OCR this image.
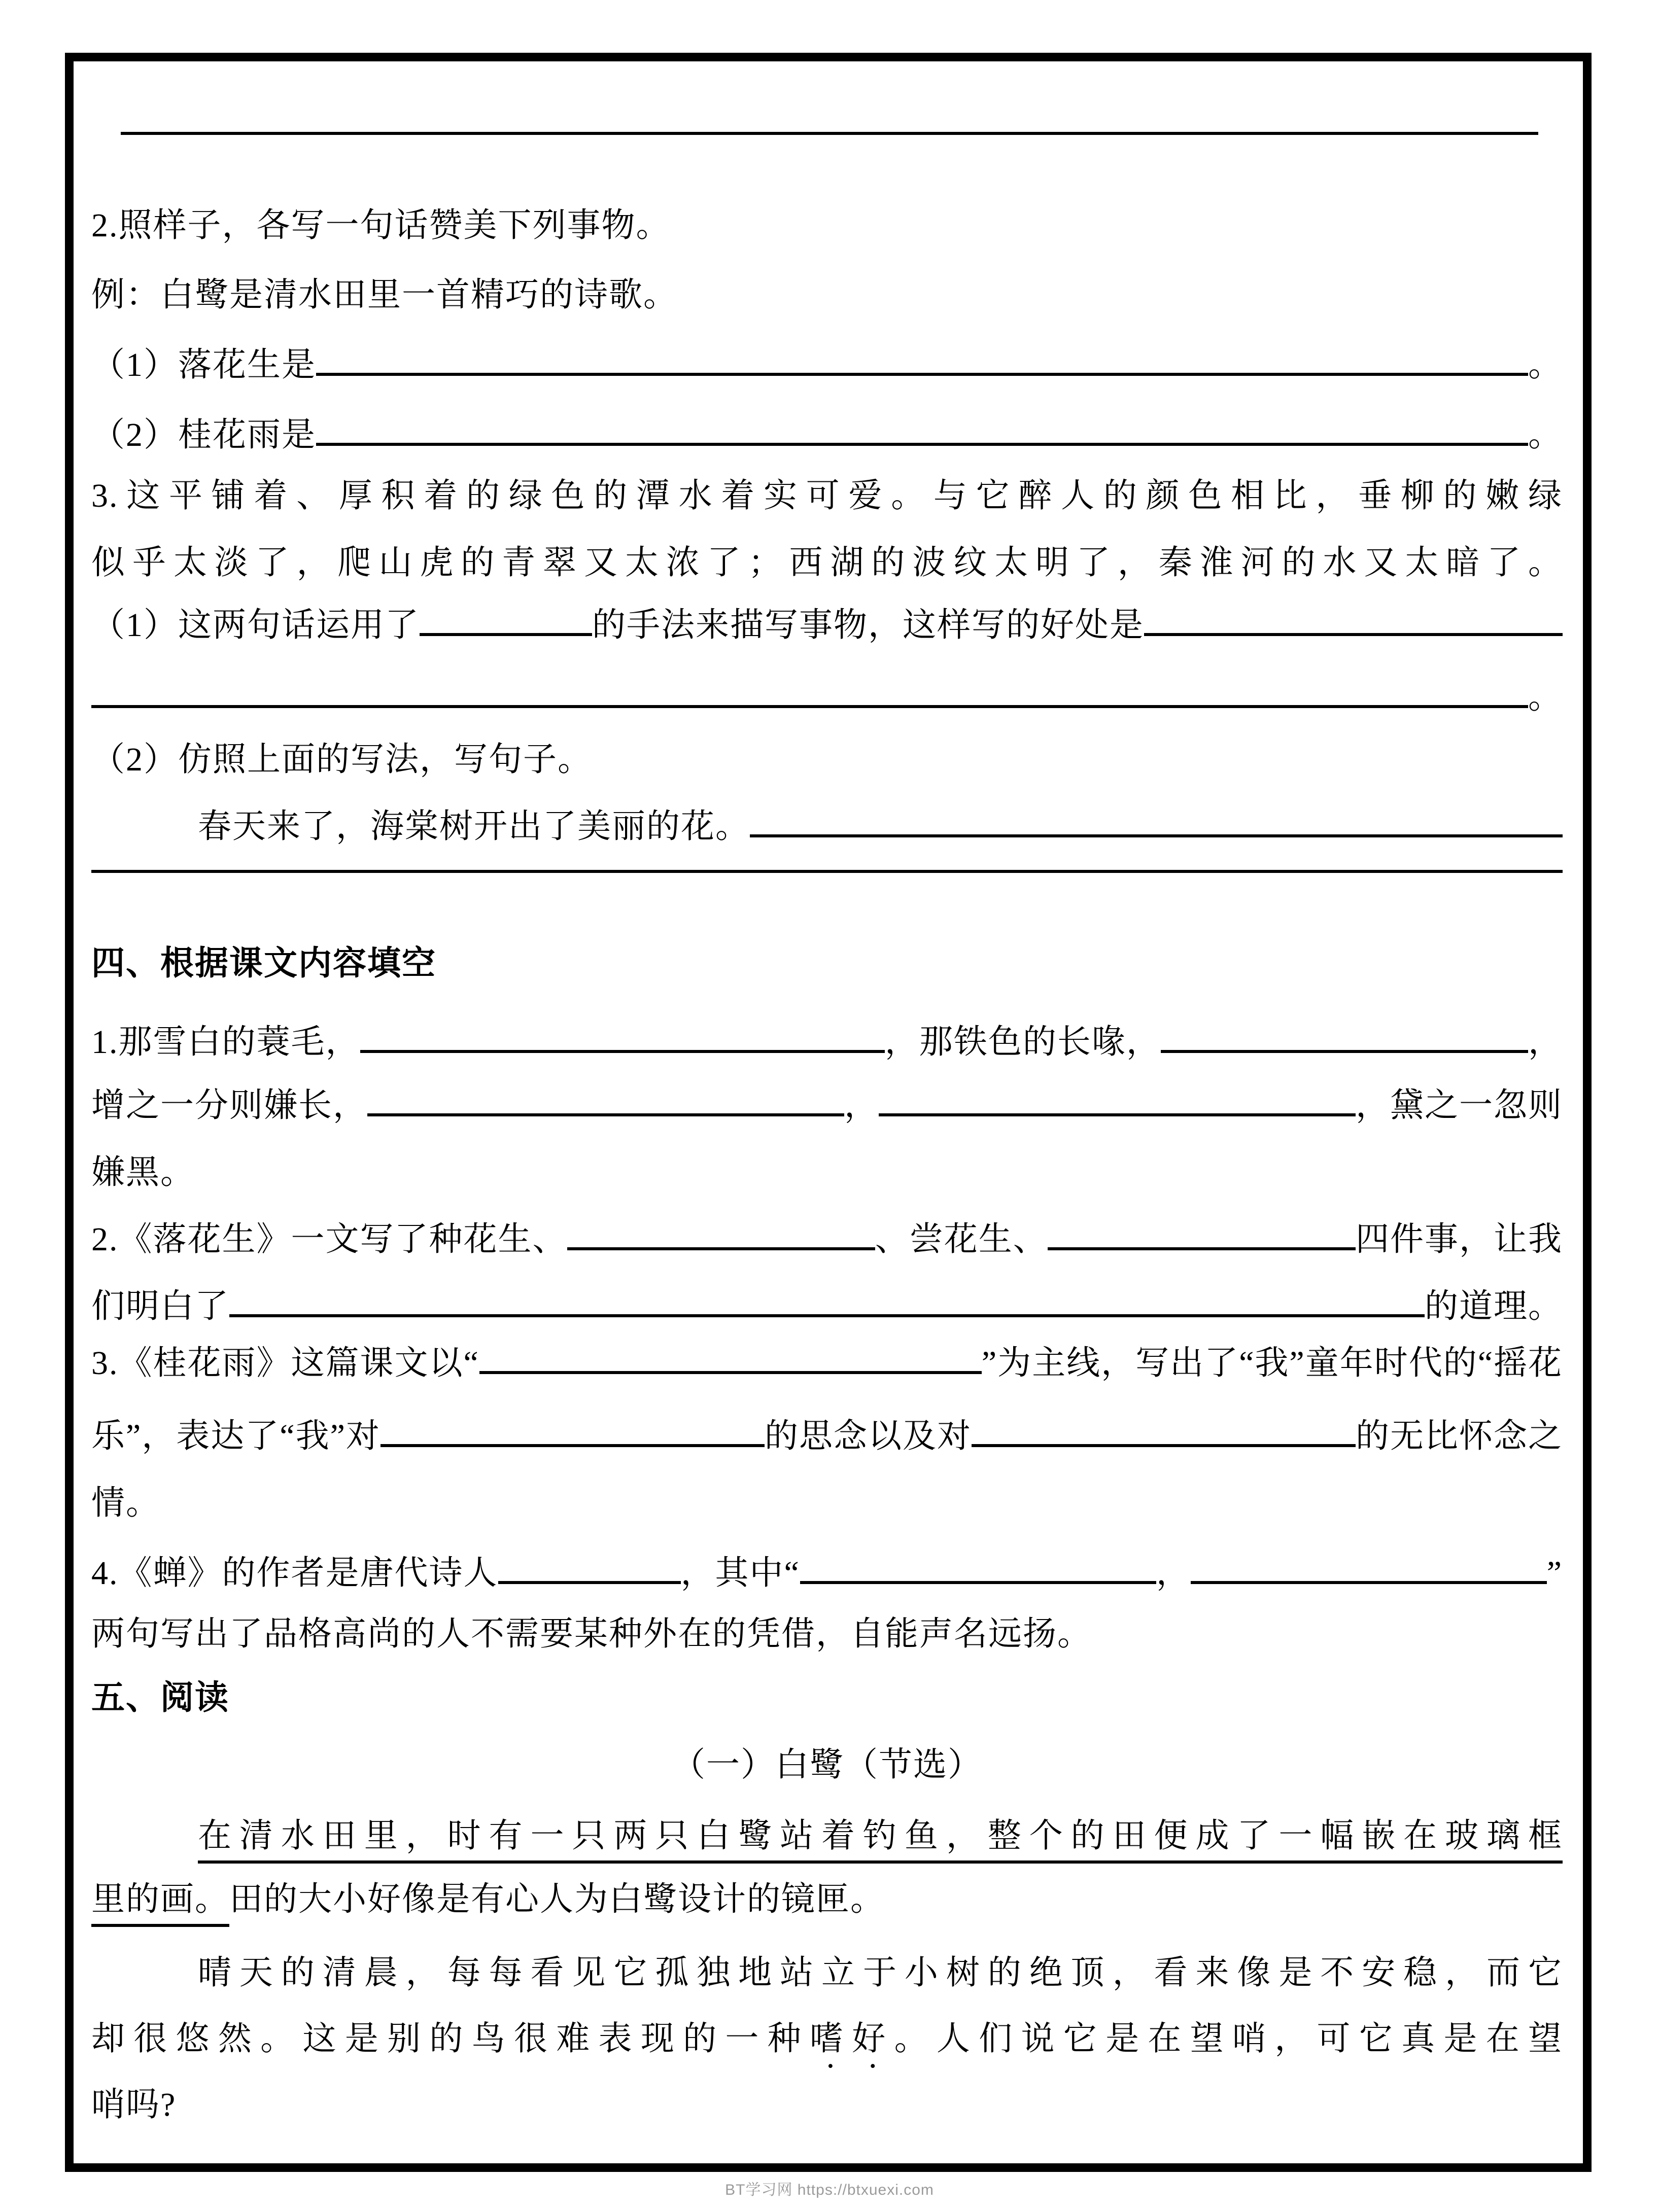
2.照样子，各写一句话赞美下列事物。
例：白鹭是清水田里一首精巧的诗歌。
（1）落花生是	。
（2）桂花雨是	。
3.这平铺着、厚积着的绿色的潭水着实可爱。与它醉人的颜色相比，垂柳的嫩绿
似乎太淡了，爬山虎的青翠又太浓了；西湖的波纹太明了，秦淮河的水又太暗了。
（1）这两句话运用了	的手法来描写事物，这样写的好处是
。
（2）仿照上面的写法，写句子。
春天来了，海棠树开出了美丽的花。
四、根据课文内容填空
1.那雪白的蓑毛，	，那铁色的长喙，	，
增之一分则嫌长，	，	，黛之一忽则
嫌黑。
2.《落花生》一文写了种花生、	、尝花生、	四件事，让我
们明白了	的道理。
3.《桂花雨》这篇课文以“	”为主线，写出了“我”童年时代的“摇花
乐”，表达了“我”对	的思念以及对	的无比怀念之
情。
4.《蝉》的作者是唐代诗人	，其中“	，	”
两句写出了品格高尚的人不需要某种外在的凭借，自能声名远扬。
五、阅读
（一）白鹭（节选）
在清水田里，时有一只两只白鹭站着钓鱼，整个的田便成了一幅嵌在玻璃框
里的画。田的大小好像是有心人为白鹭设计的镜匣。
晴天的清晨，每每看见它孤独地站立于小树的绝顶，看来像是不安稳，而它
却很悠然。这是别的鸟很难表现的一种嗜好。人们说它是在望哨，可它真是在望
哨吗?
BT学习网 https://btxuexi.com
